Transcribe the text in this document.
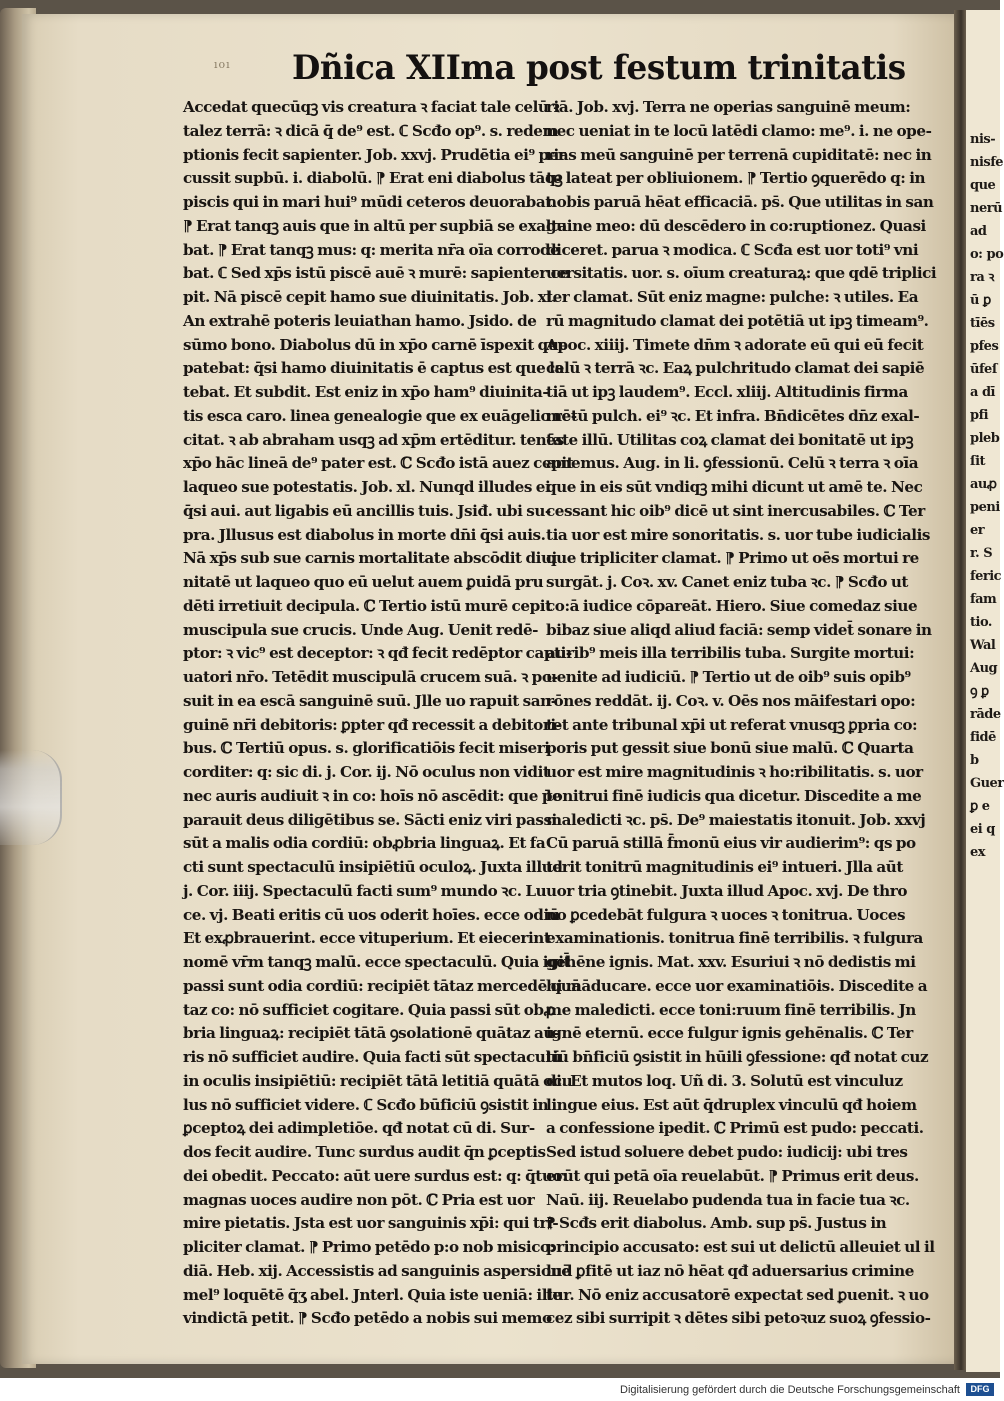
nis-
nisfe
que
nerū
ad
o: po
ra ꝛ
ū ꝑ
tīēs
pfes
ūfeſ
a dī
pfi
pleb
ſit
auꝓ
peni
er
r. S
feric
fam
tio.
Wal
Aug
ꝯ ꝑ
rāde
fidē
b
Guer
ꝑ e
ei q
ex
ıoı Dñica XIIma post festum trinitatis
Accedat quecūqꝫ vis creatura ꝛ faciat tale celū ꝛ
talez terrā: ꝛ dicā q̄ de⁹ est. ℂ Scđo op⁹. s. redem
ptionis fecit sapienter. Job. xxvj. Prudētia ei⁹ per
cussit supbū. i. diabolū. ⁋ Erat eni diabolus tāqꝫ
piscis qui in mari hui⁹ mūdi ceteros deuorabat.
⁋ Erat tanqꝫ auis que in altū per supbiā se exalta
bat. ⁋ Erat tanqꝫ mus: q: merita nr̄a oīa corrode
bat. ℂ Sed xp̄s istū piscē auē ꝛ murē: sapienter ce
pit. Nā piscē cepit hamo sue diuinitatis. Job. xl.
An extrahē poteris leuiathan hamo. Jsido. de
sūmo bono. Diabolus dū in xp̄o carnē īspexit que
patebat: q̄si hamo diuinitatis ē captus est que la
tebat. Et subdit. Est eniz in xp̄o ham⁹ diuinita-
tis esca caro. linea genealogie que ex euāgelio re-
citat. ꝛ ab abraham usqꝫ ad xp̄m ertēditur. tenēs
xp̄o hāc lineā de⁹ pater est. ℂ Scđo istā auez cepit
laqueo sue potestatis. Job. xl. Nunqd illudes ei
q̄si aui. aut ligabis eū ancillis tuis. Jsiđ. ubi su-
pra. Jllusus est diabolus in morte dn̄i q̄si auis.
Nā xp̄s sub sue carnis mortalitate abscōdit diui
nitatē ut laqueo quo eū uelut auem ꝑuidā pru
dēti irretiuit decipula. ℂ Tertio istū murē cepit
muscipula sue crucis. Unde Aug. Uenit redē-
ptor: ꝛ vic⁹ est deceptor: ꝛ qđ fecit redēptor capti-
uatori nr̄o. Tetēdit muscipulā crucem suā. ꝛ po-
suit in ea escā sanguinē suū. Jlle uo rapuit san-
guinē nr̄i debitoris: ꝑpter qđ recessit a debitori-
bus. ℂ Tertiū opus. s. glorificatiōis fecit miseri
corditer: q: sic di. j. Cor. ij. Nō oculus non vidit
nec auris audiuit ꝛ in co: hoīs nō ascēdit: que p̄e
parauit deus diligētibus se. Sācti eniz viri passi
sūt a malis odia cordiū: obꝓbria linguaꝝ. Et fa
cti sunt spectaculū insipiētiū oculoꝝ. Juxta illud
j. Cor. iiij. Spectaculū facti sum⁹ mundo ꝛc. Lu
ce. vj. Beati eritis cū uos oderit hoīes. ecce odiū
Et exꝓbrauerint. ecce vituperium. Et eiecerint
nomē vr̄m tanqꝫ malū. ecce spectaculū. Quia igit̄
passi sunt odia cordiū: recipiēt tātaz mercedē quā
taz co: nō sufficiet cogitare. Quia passi sūt obꝓ
bria linguaꝝ: recipiēt tātā ꝯsolationē quātaz au-
ris nō sufficiet audire. Quia facti sūt spectaculū
in oculis insipiētiū: recipiēt tātā letitiā quātā ocu
lus nō sufficiet videre. ℂ Scđo būficiū ꝯsistit in
ꝑceptoꝝ dei adimpletiōe. qđ notat cū di. Sur-
dos fecit audire. Tunc surdus audit q̄n ꝑceptis
dei obedit. Peccato: aūt uere surdus est: q: q̄tuo:
magnas uoces audire non pōt. ℂ Pria est uor
mire pietatis. Jsta est uor sanguinis xp̄i: qui tri-
pliciter clamat. ⁋ Primo petēdo p:o nob misico:
diā. Heb. xij. Accessistis ad sanguinis aspersionē
mel⁹ loquētē q̄ʒ abel. Jnterl. Quia iste ueniā: ille
vindictā petit. ⁋ Scđo petēdo a nobis sui memo
riā. Job. xvj. Terra ne operias sanguinē meum:
nec ueniat in te locū latēdi clamo: me⁹. i. ne ope-
rias meū sanguinē per terrenā cupiditatē: nec in
te lateat per obliuionem. ⁋ Tertio ꝯquerēdo q: in
nobis paruā hēat efficaciā. ps̄. Que utilitas in san
guine meo: dū descēdero in co:ruptionez. Quasi
diceret. parua ꝛ modica. ℂ Scđa est uor toti⁹ vni
uersitatis. uor. s. oīum creaturaꝝ: que qdē triplici
ter clamat. Sūt eniz magne: pulche: ꝛ utiles. Ea
rū magnitudo clamat dei potētiā ut ipꝫ timeam⁹.
Apoc. xiiij. Timete dn̄m ꝛ adorate eū qui eū fecit
celū ꝛ terrā ꝛc. Eaꝝ pulchritudo clamat dei sapiē
tiā ut ipꝫ laudem⁹. Eccl. xliij. Altitudinis firma
mētū pulch. ei⁹ ꝛc. Et infra. Bn̄dicētes dn̄z exal-
tate illū. Utilitas coꝝ clamat dei bonitatē ut ipꝫ
amemus. Aug. in li. ꝯfessionū. Celū ꝛ terra ꝛ oīa
que in eis sūt vndiqꝫ mihi dicunt ut amē te. Nec
cessant hic oib⁹ dicē ut sint inercusabiles. ℂ Ter
tia uor est mire sonoritatis. s. uor tube iudicialis
que tripliciter clamat. ⁋ Primo ut oēs mortui re
surgāt. j. Coꝛ. xv. Canet eniz tuba ꝛc. ⁋ Scđo ut
co:ā iudice cōpareāt. Hiero. Siue comedaz siue
bibaz siue aliqd aliud faciā: semp videt̄ sonare in
aurib⁹ meis illa terribilis tuba. Surgite mortui:
uenite ad iudiciū. ⁋ Tertio ut de oib⁹ suis opib⁹
rōnes reddāt. ij. Coꝛ. v. Oēs nos māifestari opo:
tet ante tribunal xp̄i ut referat vnusqꝫ ꝑpria co:
poris put gessit siue bonū siue malū. ℂ Quarta
uor est mire magnitudinis ꝛ ho:ribilitatis. s. uor
tonitrui finē iudicis qua dicetur. Discedite a me
maledicti ꝛc. ps̄. De⁹ maiestatis itonuit. Job. xxvj
Cū paruā stillā f̄monū eius vir audierim⁹: qs po
terit tonitrū magnitudinis ei⁹ intueri. Jlla aūt
uor tria ꝯtinebit. Juxta illud Apoc. xvj. De thro
no ꝑcedebāt fulgura ꝛ uoces ꝛ tonitrua. Uoces
examinationis. tonitrua finē terribilis. ꝛ fulgura
gehēne ignis. Mat. xxv. Esuriui ꝛ nō dedistis mi
hi māducare. ecce uor examinatiōis. Discedite a
me maledicti. ecce toni:ruum finē terribilis. Jn
ignē eternū. ecce fulgur ignis gehēnalis. ℂ Ter
tiū bn̄ficiū ꝯsistit in hūili ꝯfessione: qđ notat cuz
di. Et mutos loq. Uñ di. 3. Solutū est vinculuz
lingue eius. Est aūt q̄druplex vinculū qđ hoiem
a confessione ipedit. ℂ Primū est pudo: peccati.
Sed istud soluere debet pudo: iudicij: ubi tres
erūt qui petā oīa reuelabūt. ⁋ Primus erit deus.
Naū. iij. Reuelabo pudenda tua in facie tua ꝛc.
⁋ Scđs erit diabolus. Amb. sup ps̄. Justus in
principio accusato: est sui ut delictū alleuiet ul il
lud ꝑfitē ut iaz nō hēat qđ aduersarius crimine
tur. Nō eniz accusatorē expectat sed ꝑuenit. ꝛ uo
cez sibi surripit ꝛ dētes sibi petoꝛuz suoꝝ ꝯfessio-
Digitalisierung gefördert durch die Deutsche Forschungsgemeinschaft	DFG
